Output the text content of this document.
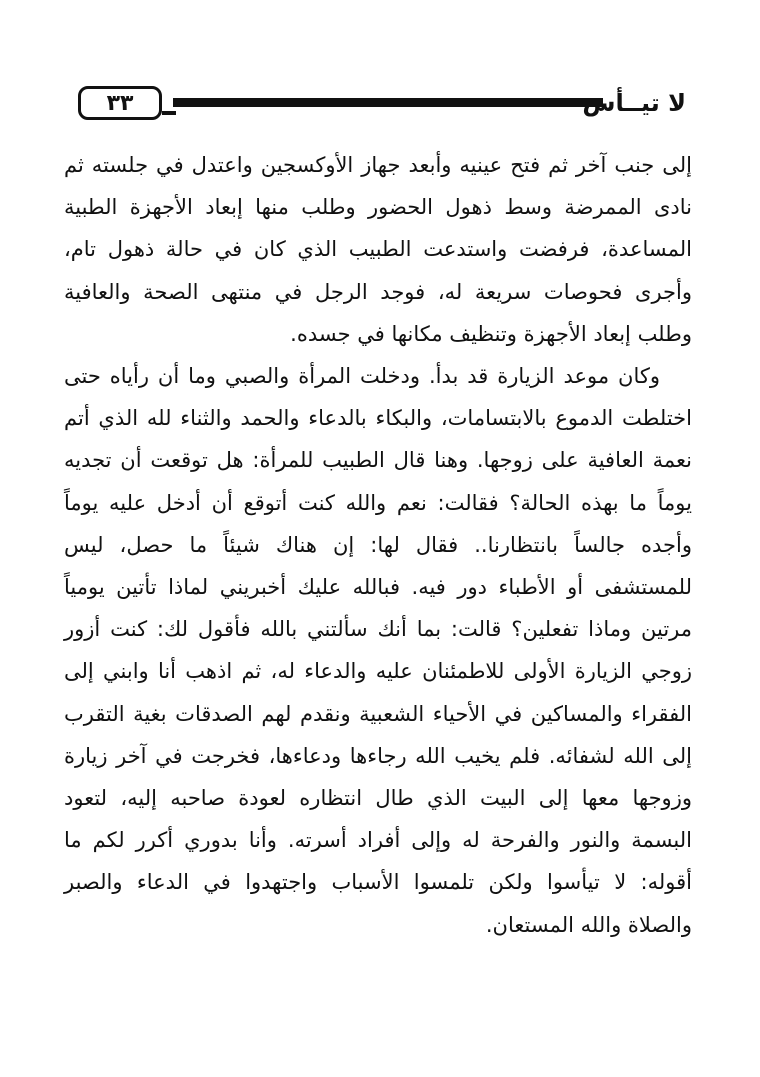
٣٣	لا تيــأس

إلى جنب آخر ثم فتح عينيه وأبعد جهاز الأوكسجين واعتدل في جلسته ثم نادى الممرضة وسط ذهول الحضور وطلب منها إبعاد الأجهزة الطبية المساعدة، فرفضت واستدعت الطبيب الذي كان في حالة ذهول تام، وأجرى فحوصات سريعة له، فوجد الرجل في منتهى الصحة والعافية وطلب إبعاد الأجهزة وتنظيف مكانها في جسده.

وكان موعد الزيارة قد بدأ. ودخلت المرأة والصبي وما أن رأياه حتى اختلطت الدموع بالابتسامات، والبكاء بالدعاء والحمد والثناء لله الذي أتم نعمة العافية على زوجها. وهنا قال الطبيب للمرأة: هل توقعت أن تجديه يوماً ما بهذه الحالة؟ فقالت: نعم والله كنت أتوقع أن أدخل عليه يوماً وأجده جالساً بانتظارنا.. فقال لها: إن هناك شيئاً ما حصل، ليس للمستشفى أو الأطباء دور فيه. فبالله عليك أخبريني لماذا تأتين يومياً مرتين وماذا تفعلين؟ قالت: بما أنك سألتني بالله فأقول لك: كنت أزور زوجي الزيارة الأولى للاطمئنان عليه والدعاء له، ثم اذهب أنا وابني إلى الفقراء والمساكين في الأحياء الشعبية ونقدم لهم الصدقات بغية التقرب إلى الله لشفائه. فلم يخيب الله رجاءها ودعاءها، فخرجت في آخر زيارة وزوجها معها إلى البيت الذي طال انتظاره لعودة صاحبه إليه، لتعود البسمة والنور والفرحة له وإلى أفراد أسرته. وأنا بدوري أكرر لكم ما أقوله: لا تيأسوا ولكن تلمسوا الأسباب واجتهدوا في الدعاء والصبر والصلاة والله المستعان.
